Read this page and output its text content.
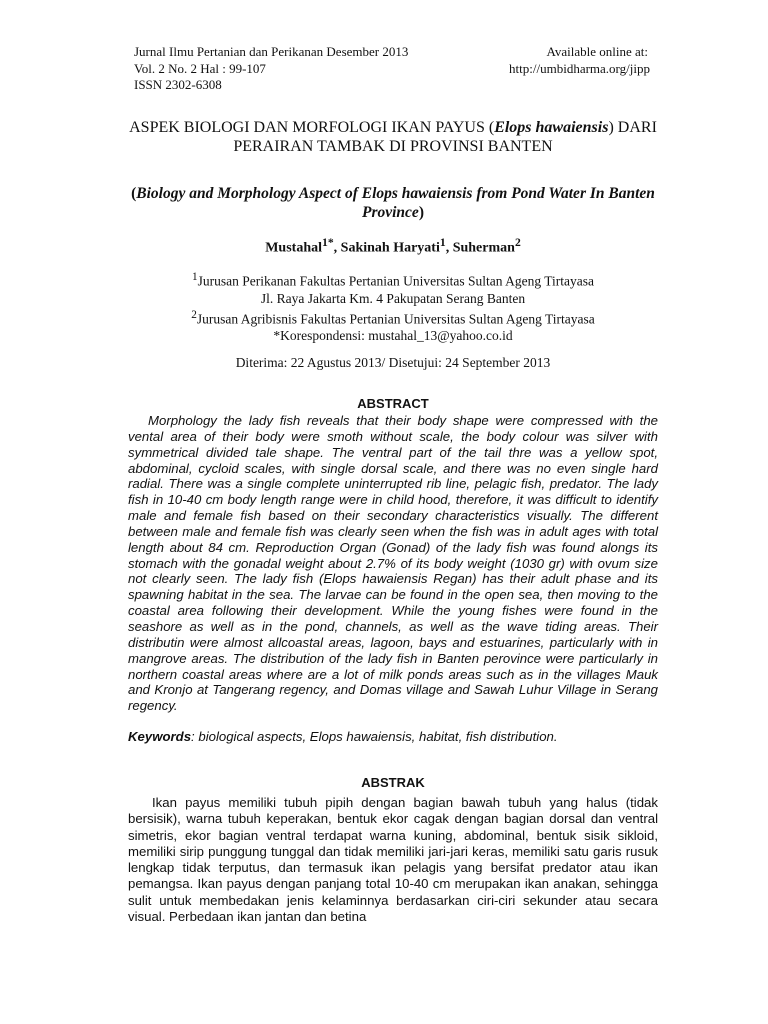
Jurnal Ilmu Pertanian dan Perikanan Desember 2013
Vol. 2 No. 2 Hal : 99-107
ISSN 2302-6308
Available online at:
http://umbidharma.org/jipp
ASPEK BIOLOGI DAN MORFOLOGI IKAN PAYUS (Elops hawaiensis) DARI PERAIRAN TAMBAK DI PROVINSI BANTEN
(Biology and Morphology Aspect of Elops hawaiensis from Pond Water In Banten Province)
Mustahal$^{1*}$, Sakinah Haryati$^1$, Suherman$^2$
$^1$Jurusan Perikanan Fakultas Pertanian Universitas Sultan Ageng Tirtayasa
Jl. Raya Jakarta Km. 4 Pakupatan Serang Banten
$^2$Jurusan Agribisnis Fakultas Pertanian Universitas Sultan Ageng Tirtayasa
*Korespondensi: mustahal_13@yahoo.co.id
Diterima: 22 Agustus 2013/ Disetujui: 24 September 2013
ABSTRACT

Morphology the lady fish reveals that their body shape were compressed with the vental area of their body were smoth without scale, the body colour was silver with symmetrical divided tale shape. The ventral part of the tail thre was a yellow spot, abdominal, cycloid scales, with single dorsal scale, and there was no even single hard radial. There was a single complete uninterrupted rib line, pelagic fish, predator. The lady fish in 10-40 cm body length range were in child hood, therefore, it was difficult to identify male and female fish based on their secondary characteristics visually. The different between male and female fish was clearly seen when the fish was in adult ages with total length about 84 cm. Reproduction Organ (Gonad) of the lady fish was found alongs its stomach with the gonadal weight about 2.7% of its body weight (1030 gr) with ovum size not clearly seen. The lady fish (Elops hawaiensis Regan) has their adult phase and its spawning habitat in the sea. The larvae can be found in the open sea, then moving to the coastal area following their development. While the young fishes were found in the seashore as well as in the pond, channels, as well as the wave tiding areas. Their distributin were almost allcoastal areas, lagoon, bays and estuarines, particularly with in mangrove areas. The distribution of the lady fish in Banten perovince were particularly in northern coastal areas where are a lot of milk ponds areas such as in the villages Mauk and Kronjo at Tangerang regency, and Domas village and Sawah Luhur Village in Serang regency.

Keywords: biological aspects, Elops hawaiensis, habitat, fish distribution.

ABSTRAK

Ikan payus memiliki tubuh pipih dengan bagian bawah tubuh yang halus (tidak bersisik), warna tubuh keperakan, bentuk ekor cagak dengan bagian dorsal dan ventral simetris, ekor bagian ventral terdapat warna kuning, abdominal, bentuk sisik sikloid, memiliki sirip punggung tunggal dan tidak memiliki jari-jari keras, memiliki satu garis rusuk lengkap tidak terputus, dan termasuk ikan pelagis yang bersifat predator atau ikan pemangsa. Ikan payus dengan panjang total 10-40 cm merupakan ikan anakan, sehingga sulit untuk membedakan jenis kelaminnya berdasarkan ciri-ciri sekunder atau secara visual. Perbedaan ikan jantan dan betina
